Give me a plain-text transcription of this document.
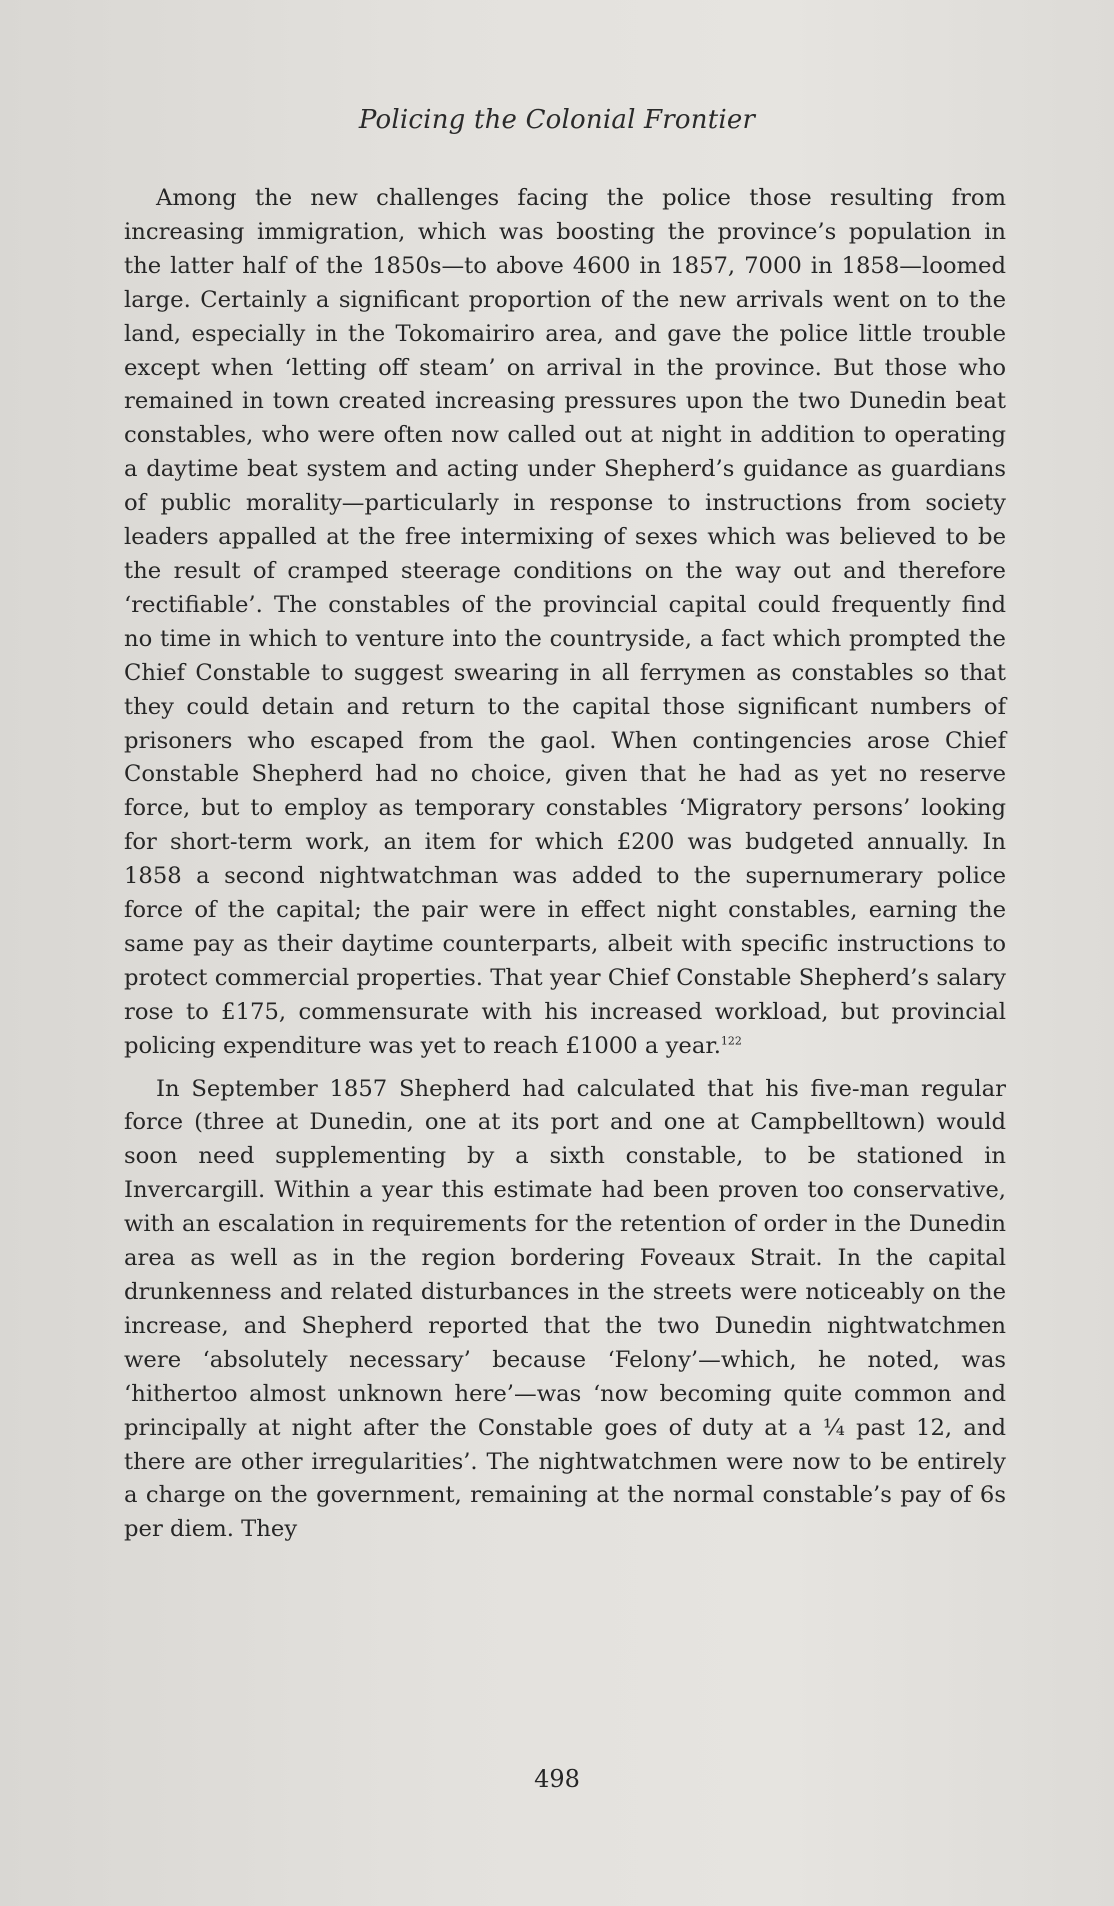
Policing the Colonial Frontier

Among the new challenges facing the police those resulting from increasing immigration, which was boosting the province’s population in the latter half of the 1850s—to above 4600 in 1857, 7000 in 1858—loomed large. Certainly a significant proportion of the new arrivals went on to the land, especially in the Tokomairiro area, and gave the police little trouble except when ‘letting off steam’ on arrival in the province. But those who remained in town created increasing pressures upon the two Dunedin beat constables, who were often now called out at night in addition to operating a daytime beat system and acting under Shepherd’s guidance as guardians of public morality—particularly in response to instructions from society leaders appalled at the free intermixing of sexes which was believed to be the result of cramped steerage conditions on the way out and therefore ‘rectifiable’. The constables of the provincial capital could frequently find no time in which to venture into the countryside, a fact which prompted the Chief Constable to suggest swearing in all ferrymen as constables so that they could detain and return to the capital those significant numbers of prisoners who escaped from the gaol. When contingencies arose Chief Constable Shepherd had no choice, given that he had as yet no reserve force, but to employ as temporary constables ‘Migratory persons’ looking for short-term work, an item for which £200 was budgeted annually. In 1858 a second nightwatchman was added to the supernumerary police force of the capital; the pair were in effect night constables, earning the same pay as their daytime counterparts, albeit with specific instructions to protect commercial properties. That year Chief Constable Shepherd’s salary rose to £175, commensurate with his increased workload, but provincial policing expenditure was yet to reach £1000 a year.$^{122}$

In September 1857 Shepherd had calculated that his five-man regular force (three at Dunedin, one at its port and one at Campbelltown) would soon need supplementing by a sixth constable, to be stationed in Invercargill. Within a year this estimate had been proven too conservative, with an escalation in requirements for the retention of order in the Dunedin area as well as in the region bordering Foveaux Strait. In the capital drunkenness and related disturbances in the streets were noticeably on the increase, and Shepherd reported that the two Dunedin nightwatchmen were ‘absolutely necessary’ because ‘Felony’—which, he noted, was ‘hithertoo almost unknown here’—was ‘now becoming quite common and principally at night after the Constable goes of duty at a ¼ past 12, and there are other irregularities’. The nightwatchmen were now to be entirely a charge on the government, remaining at the normal constable’s pay of 6s per diem. They

498
